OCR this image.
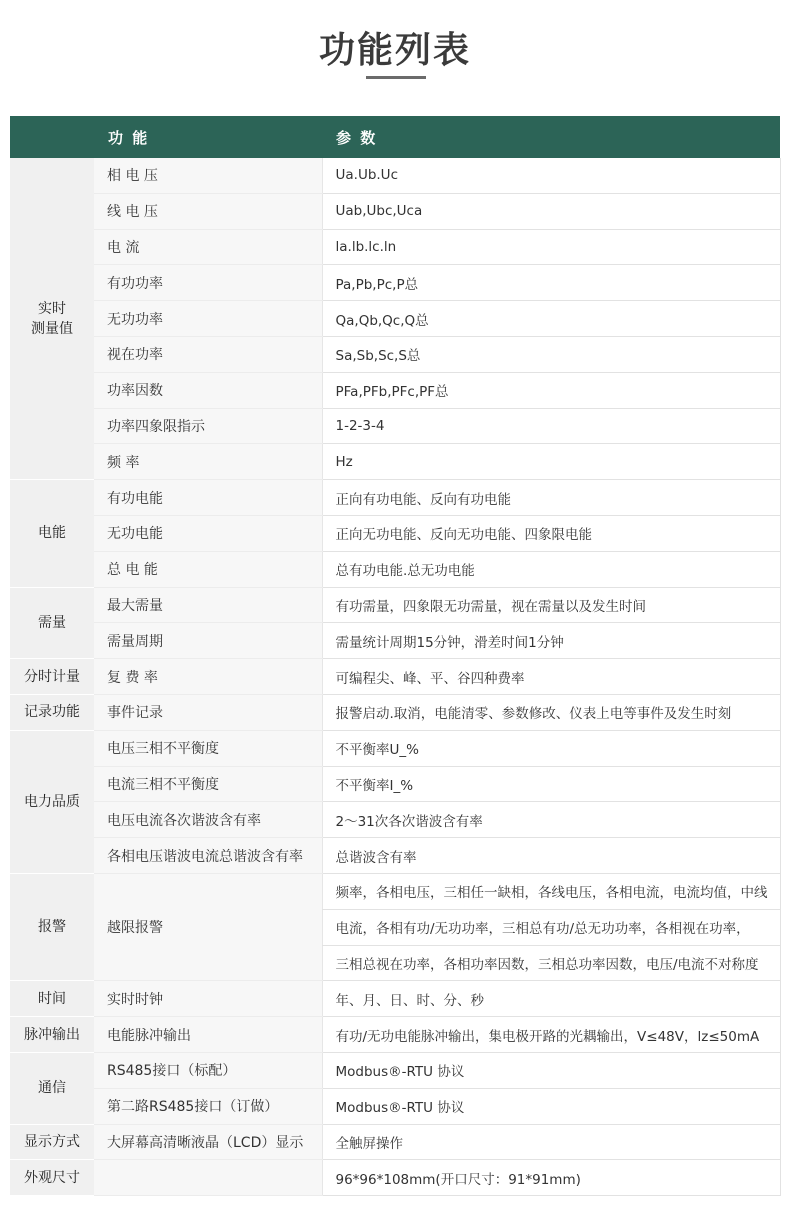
功能列表
	功 能	参 数
实时
测量值	相 电 压	Ua.Ub.Uc
	线 电 压	Uab,Ubc,Uca
	电 流	la.lb.lc.ln
	有功功率	Pa,Pb,Pc,P总
	无功功率	Qa,Qb,Qc,Q总
	视在功率	Sa,Sb,Sc,S总
	功率因数	PFa,PFb,PFc,PF总
	功率四象限指示	1-2-3-4
	频 率	Hz
电能	有功电能	正向有功电能、反向有功电能
	无功电能	正向无功电能、反向无功电能、四象限电能
	总 电 能	总有功电能.总无功电能
需量	最大需量	有功需量，四象限无功需量，视在需量以及发生时间
	需量周期	需量统计周期15分钟，滑差时间1分钟
分时计量	复 费 率	可编程尖、峰、平、谷四种费率
记录功能	事件记录	报警启动.取消，电能清零、参数修改、仪表上电等事件及发生时刻
电力品质	电压三相不平衡度	不平衡率U_%
	电流三相不平衡度	不平衡率I_%
	电压电流各次谐波含有率	2～31次各次谐波含有率
	各相电压谐波电流总谐波含有率	总谐波含有率
报警	越限报警	频率，各相电压，三相任一缺相，各线电压，各相电流，电流均值，中线
		电流，各相有功/无功功率，三相总有功/总无功功率，各相视在功率，
		三相总视在功率，各相功率因数，三相总功率因数，电压/电流不对称度
时间	实时时钟	年、月、日、时、分、秒
脉冲输出	电能脉冲输出	有功/无功电能脉冲输出，集电极开路的光耦输出，V≤48V，lz≤50mA
通信	RS485接口（标配）	Modbus®-RTU 协议
	第二路RS485接口（订做）	Modbus®-RTU 协议
显示方式	大屏幕高清晰液晶（LCD）显示	全触屏操作
外观尺寸		96*96*108mm(开口尺寸：91*91mm)
